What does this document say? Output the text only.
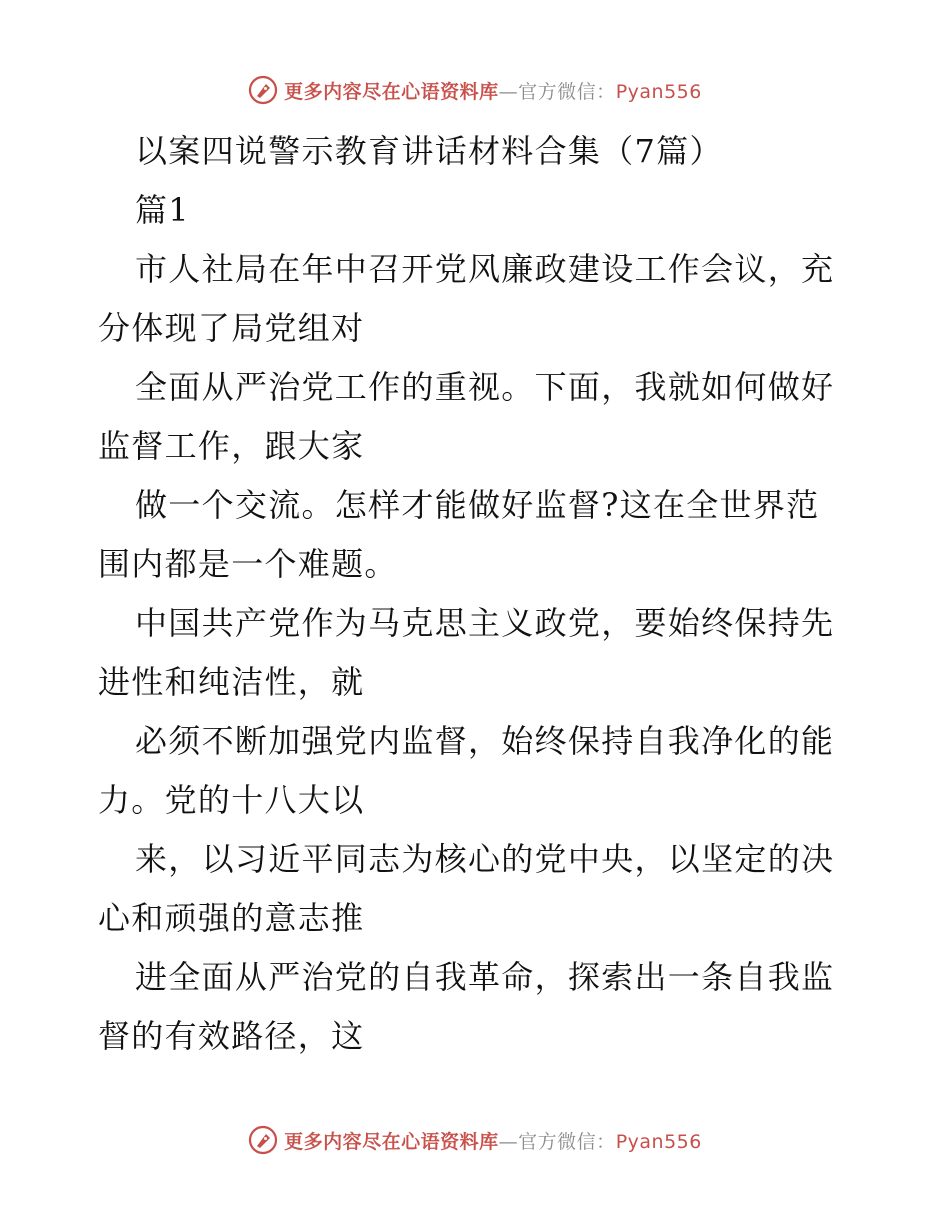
更多内容尽在心语资料库—官方微信：Pyan556
以案四说警示教育讲话材料合集（7篇）
篇1
市人社局在年中召开党风廉政建设工作会议，充
分体现了局党组对
全面从严治党工作的重视。下面，我就如何做好
监督工作，跟大家
做一个交流。怎样才能做好监督?这在全世界范
围内都是一个难题。
中国共产党作为马克思主义政党，要始终保持先
进性和纯洁性，就
必须不断加强党内监督，始终保持自我净化的能
力。党的十八大以
来，以习近平同志为核心的党中央，以坚定的决
心和顽强的意志推
进全面从严治党的自我革命，探索出一条自我监
督的有效路径，这
更多内容尽在心语资料库—官方微信：Pyan556
